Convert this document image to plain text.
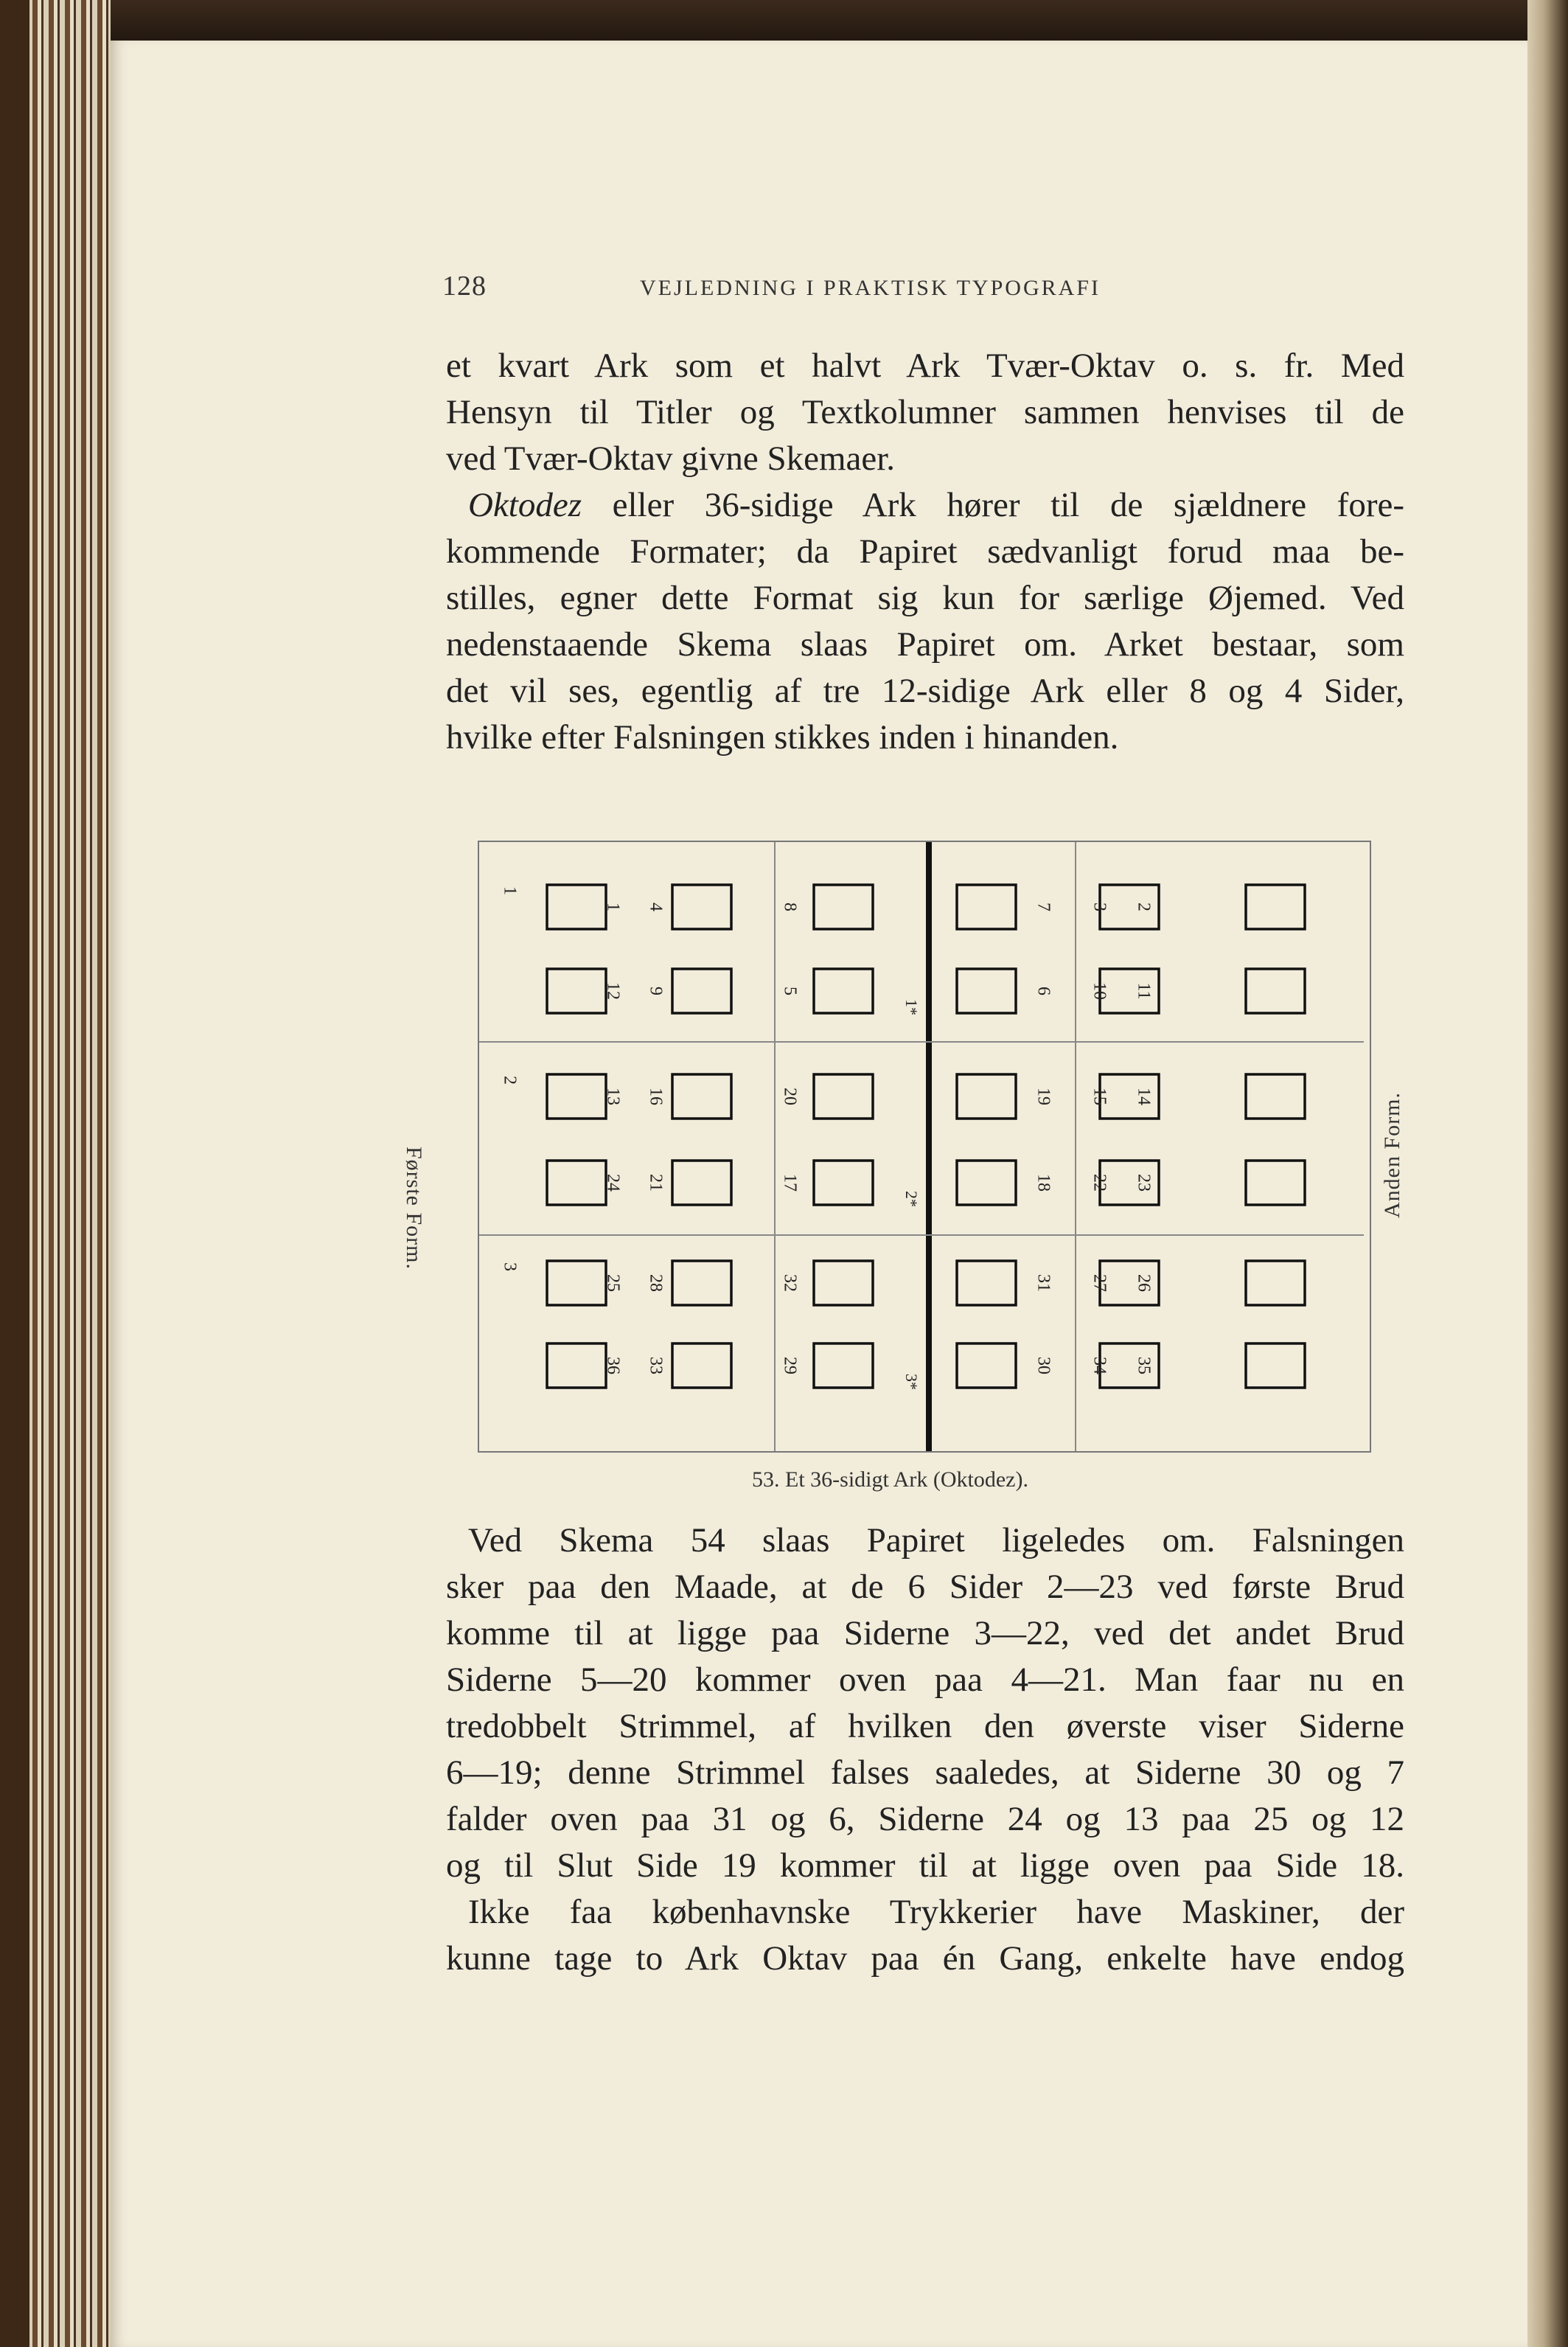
128	VEJLEDNING I PRAKTISK TYPOGRAFI
et kvart Ark som et halvt Ark Tvær-Oktav o. s. fr. Med
Hensyn til Titler og Textkolumner sammen henvises til de
ved Tvær-Oktav givne Skemaer.
Oktodez eller 36-sidige Ark hører til de sjældnere fore-
kommende Formater; da Papiret sædvanligt forud maa be-
stilles, egner dette Format sig kun for særlige Øjemed. Ved
nedenstaaende Skema slaas Papiret om. Arket bestaar, som
det vil ses, egentlig af tre 12-sidige Ark eller 8 og 4 Sider,
hvilke efter Falsningen stikkes inden i hinanden.
1 4	8	7 3 2
12 9	5	6 10 11
13 16	20	19 15 14
24 21	17	18 22 23
25 28	32	31 27 26
36 33	29	30 34 35
1
2
3
1*
2*
3*
Første Form.	Anden Form.
53. Et 36-sidigt Ark (Oktodez).
Ved Skema 54 slaas Papiret ligeledes om. Falsningen
sker paa den Maade, at de 6 Sider 2—23 ved første Brud
komme til at ligge paa Siderne 3—22, ved det andet Brud
Siderne 5—20 kommer oven paa 4—21. Man faar nu en
tredobbelt Strimmel, af hvilken den øverste viser Siderne
6—19; denne Strimmel falses saaledes, at Siderne 30 og 7
falder oven paa 31 og 6, Siderne 24 og 13 paa 25 og 12
og til Slut Side 19 kommer til at ligge oven paa Side 18.
Ikke faa københavnske Trykkerier have Maskiner, der
kunne tage to Ark Oktav paa én Gang, enkelte have endog
